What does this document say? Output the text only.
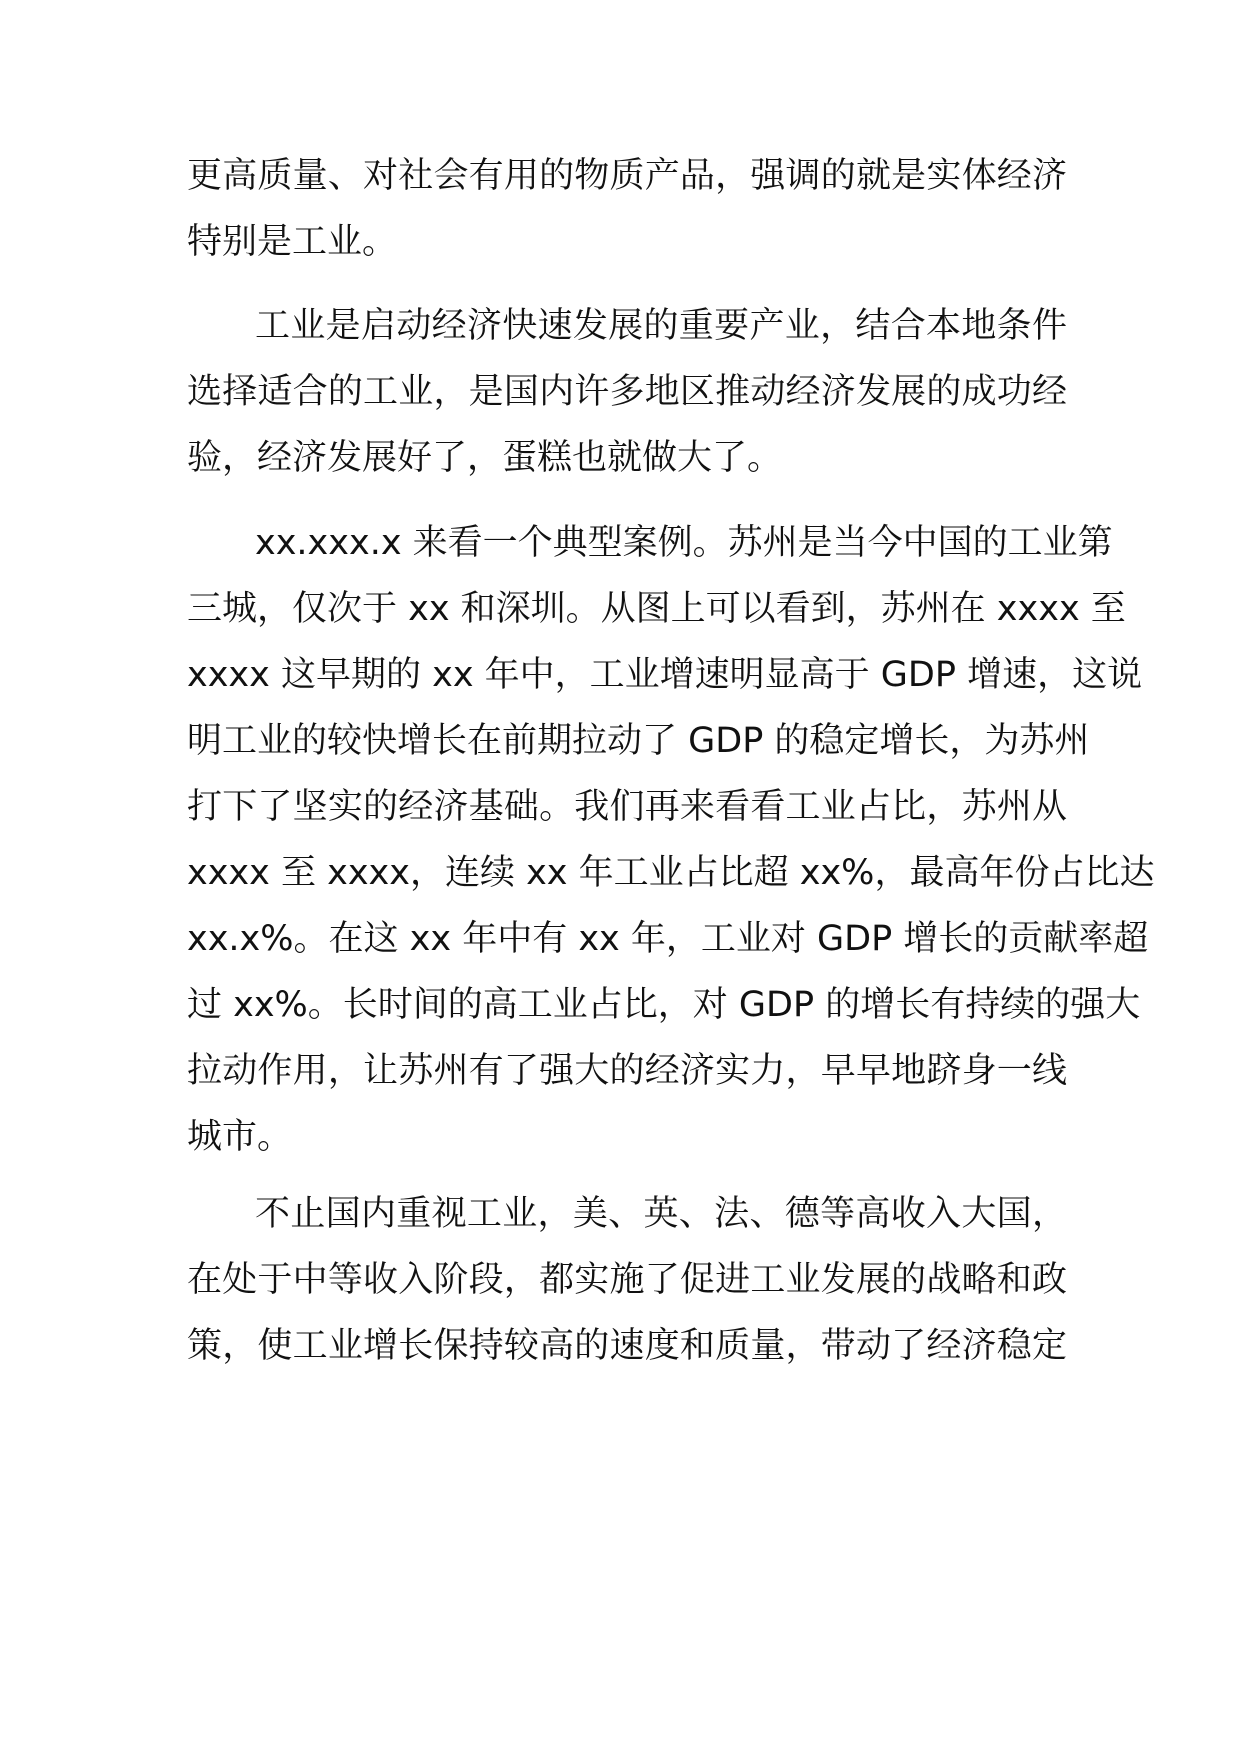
更高质量、对社会有用的物质产品，强调的就是实体经济
特别是工业。
工业是启动经济快速发展的重要产业，结合本地条件
选择适合的工业，是国内许多地区推动经济发展的成功经
验，经济发展好了，蛋糕也就做大了。
xx.xxx.x 来看一个典型案例。苏州是当今中国的工业第
三城，仅次于 xx 和深圳。从图上可以看到，苏州在 xxxx 至
xxxx 这早期的 xx 年中，工业增速明显高于 GDP 增速，这说
明工业的较快增长在前期拉动了 GDP 的稳定增长，为苏州
打下了坚实的经济基础。我们再来看看工业占比，苏州从
xxxx 至 xxxx，连续 xx 年工业占比超 xx%，最高年份占比达
xx.x%。在这 xx 年中有 xx 年，工业对 GDP 增长的贡献率超
过 xx%。长时间的高工业占比，对 GDP 的增长有持续的强大
拉动作用，让苏州有了强大的经济实力，早早地跻身一线
城市。
不止国内重视工业，美、英、法、德等高收入大国，
在处于中等收入阶段，都实施了促进工业发展的战略和政
策，使工业增长保持较高的速度和质量，带动了经济稳定
